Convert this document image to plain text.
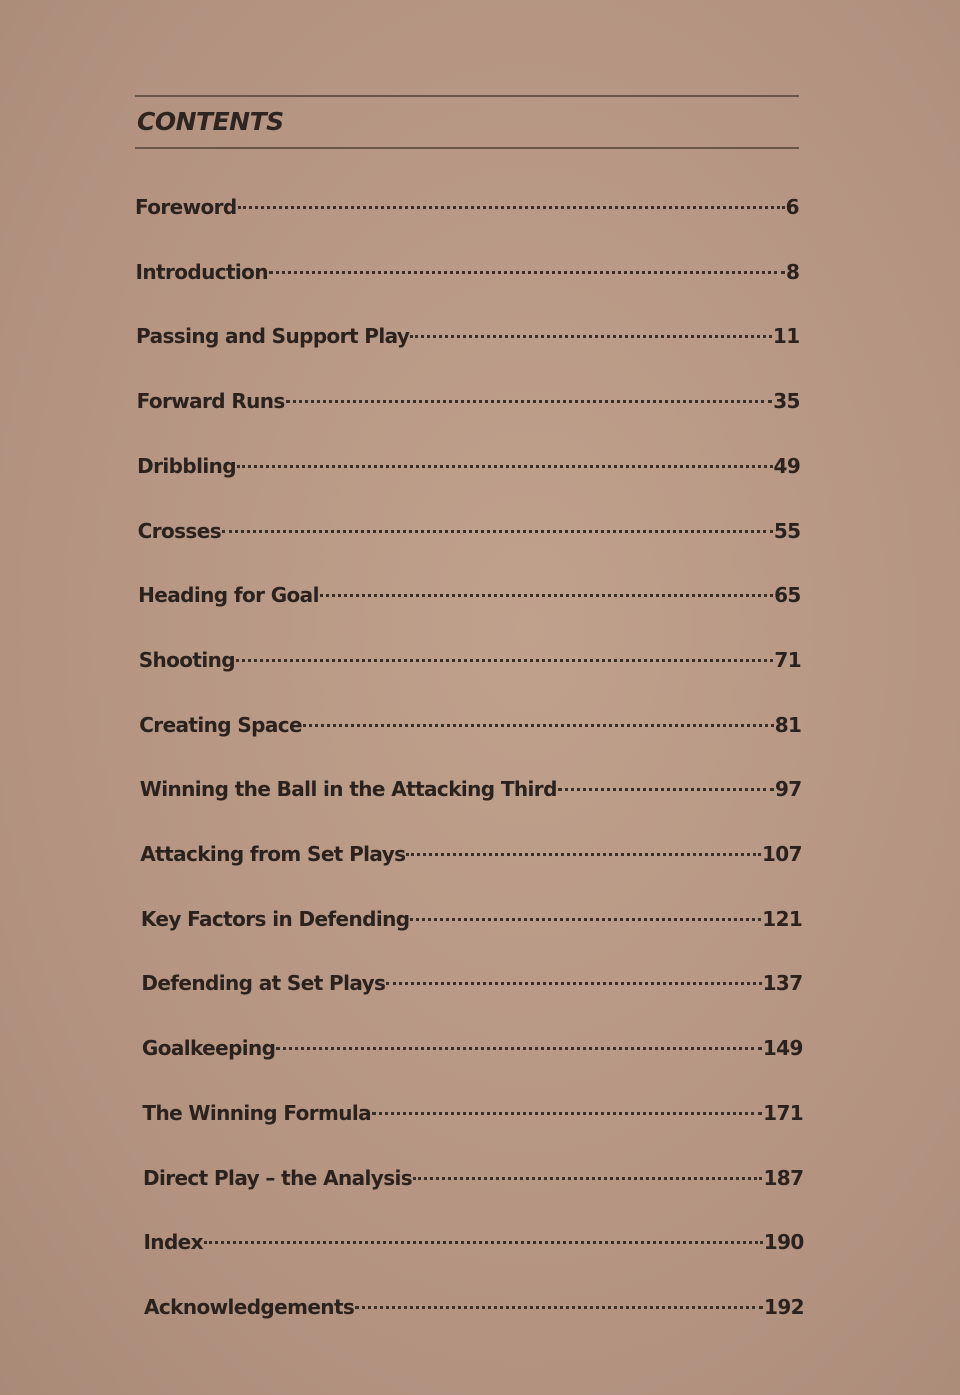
CONTENTS
Foreword	6
Introduction	8
Passing and Support Play	11
Forward Runs	35
Dribbling	49
Crosses	55
Heading for Goal	65
Shooting	71
Creating Space	81
Winning the Ball in the Attacking Third	97
Attacking from Set Plays	107
Key Factors in Defending	121
Defending at Set Plays	137
Goalkeeping	149
The Winning Formula	171
Direct Play – the Analysis	187
Index	190
Acknowledgements	192
